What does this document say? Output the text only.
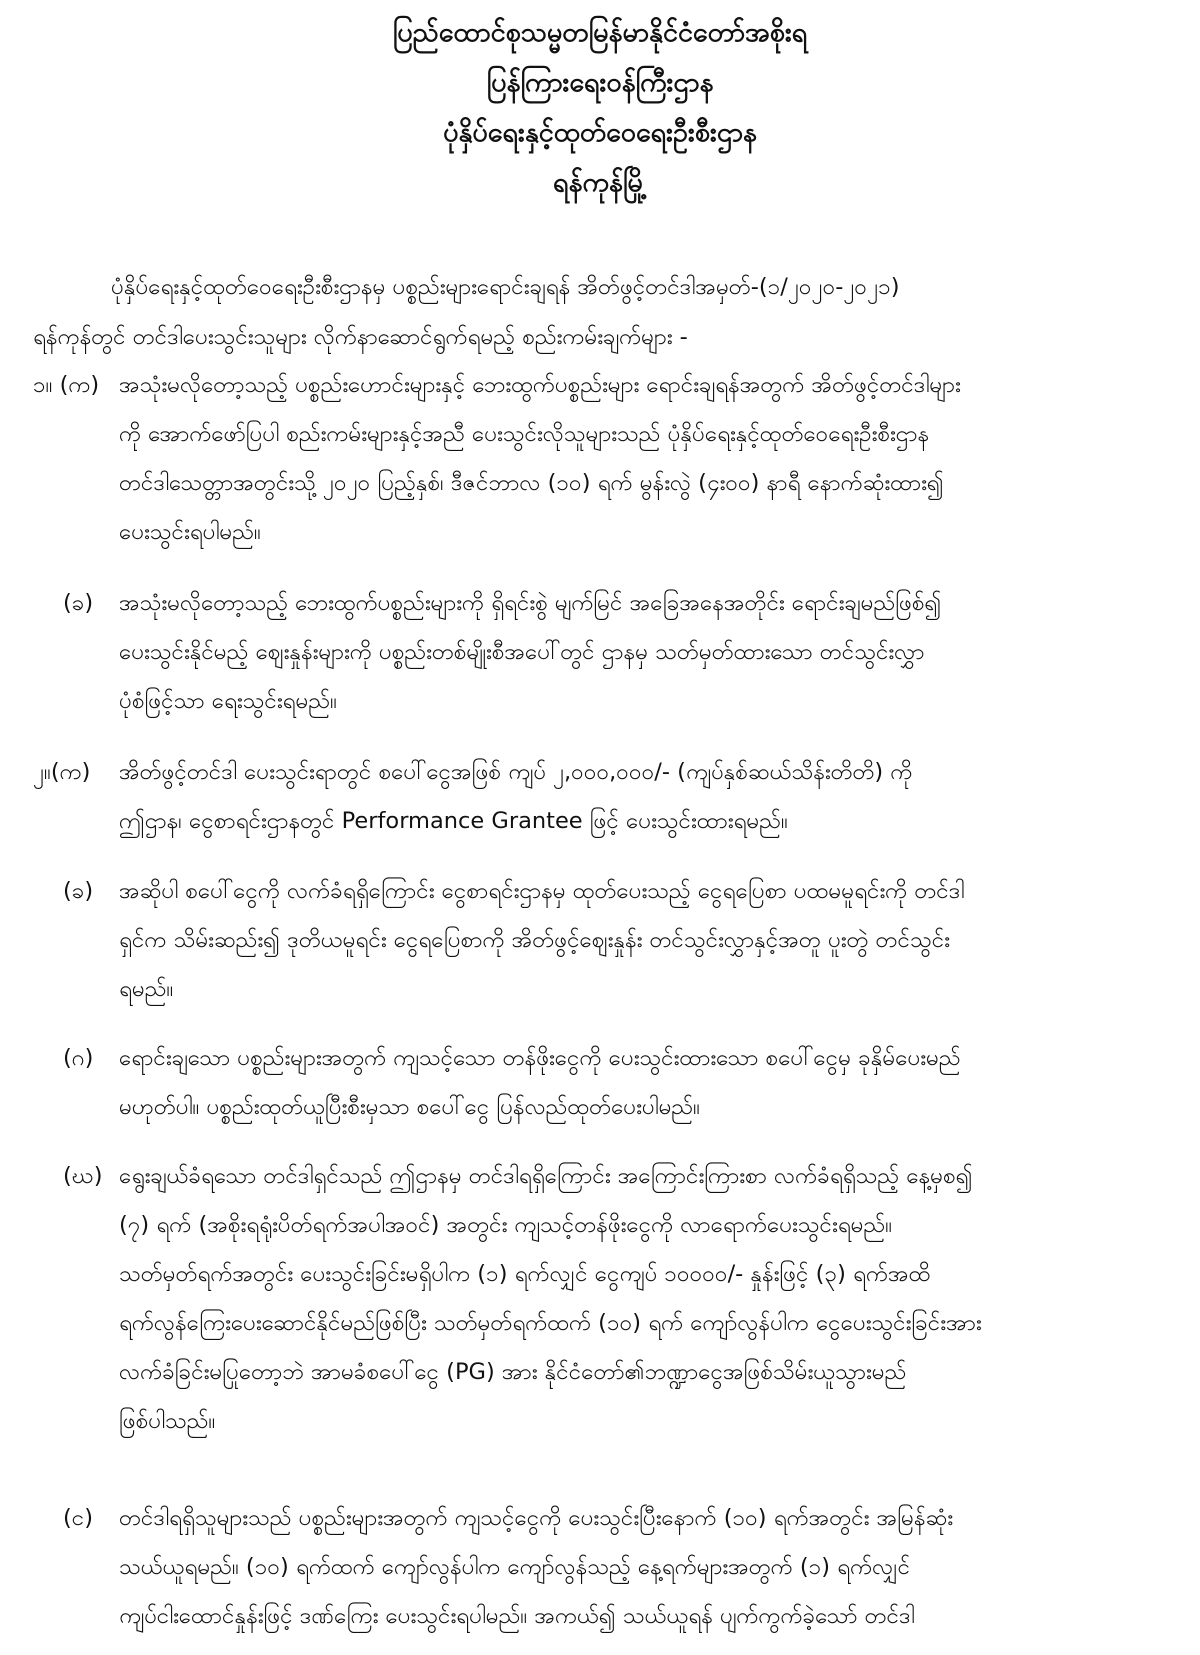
ပြည်ထောင်စုသမ္မတမြန်မာနိုင်ငံတော်အစိုးရ
ပြန်ကြားရေးဝန်ကြီးဌာန
ပုံနှိပ်ရေးနှင့်ထုတ်ဝေရေးဦးစီးဌာန
ရန်ကုန်မြို့
ပုံနှိပ်ရေးနှင့်ထုတ်ဝေရေးဦးစီးဌာနမှ ပစ္စည်းများရောင်းချရန် အိတ်ဖွင့်တင်ဒါအမှတ်-(၁/၂၀၂၀-၂၀၂၁)
ရန်ကုန်တွင် တင်ဒါပေးသွင်းသူများ လိုက်နာဆောင်ရွက်ရမည့် စည်းကမ်းချက်များ -
၁။ (က) အသုံးမလိုတော့သည့် ပစ္စည်းဟောင်းများနှင့် ဘေးထွက်ပစ္စည်းများ ရောင်းချရန်အတွက် အိတ်ဖွင့်တင်ဒါများ
ကို အောက်ဖော်ပြပါ စည်းကမ်းများနှင့်အညီ ပေးသွင်းလိုသူများသည် ပုံနှိပ်ရေးနှင့်ထုတ်ဝေရေးဦးစီးဌာန
တင်ဒါသေတ္တာအတွင်းသို့ ၂၀၂၀ ပြည့်နှစ်၊ ဒီဇင်ဘာလ (၁၀) ရက် မွန်းလွဲ (၄း၀၀) နာရီ နောက်ဆုံးထား၍
ပေးသွင်းရပါမည်။
(ခ) အသုံးမလိုတော့သည့် ဘေးထွက်ပစ္စည်းများကို ရှိရင်းစွဲ မျက်မြင် အခြေအနေအတိုင်း ရောင်းချမည်ဖြစ်၍
ပေးသွင်းနိုင်မည့် ဈေးနှုန်းများကို ပစ္စည်းတစ်မျိုးစီအပေါ်တွင် ဌာနမှ သတ်မှတ်ထားသော တင်သွင်းလွှာ
ပုံစံဖြင့်သာ ရေးသွင်းရမည်။
၂။(က) အိတ်ဖွင့်တင်ဒါ ပေးသွင်းရာတွင် စပေါ်ငွေအဖြစ် ကျပ် ၂,၀၀၀,၀၀၀/- (ကျပ်နှစ်ဆယ်သိန်းတိတိ) ကို
ဤဌာန၊ ငွေစာရင်းဌာနတွင် Performance Grantee ဖြင့် ပေးသွင်းထားရမည်။
(ခ) အဆိုပါ စပေါ်ငွေကို လက်ခံရရှိကြောင်း ငွေစာရင်းဌာနမှ ထုတ်ပေးသည့် ငွေရပြေစာ ပထမမူရင်းကို တင်ဒါ
ရှင်က သိမ်းဆည်း၍ ဒုတိယမူရင်း ငွေရပြေစာကို အိတ်ဖွင့်ဈေးနှုန်း တင်သွင်းလွှာနှင့်အတူ ပူးတွဲ တင်သွင်း
ရမည်။
(ဂ) ရောင်းချသော ပစ္စည်းများအတွက် ကျသင့်သော တန်ဖိုးငွေကို ပေးသွင်းထားသော စပေါ်ငွေမှ ခုနှိမ်ပေးမည်
မဟုတ်ပါ။ ပစ္စည်းထုတ်ယူပြီးစီးမှသာ စပေါ်ငွေ ပြန်လည်ထုတ်ပေးပါမည်။
(ဃ) ရွေးချယ်ခံရသော တင်ဒါရှင်သည် ဤဌာနမှ တင်ဒါရရှိကြောင်း အကြောင်းကြားစာ လက်ခံရရှိသည့် နေ့မှစ၍
(၇) ရက် (အစိုးရရုံးပိတ်ရက်အပါအဝင်) အတွင်း ကျသင့်တန်ဖိုးငွေကို လာရောက်ပေးသွင်းရမည်။
သတ်မှတ်ရက်အတွင်း ပေးသွင်းခြင်းမရှိပါက (၁) ရက်လျှင် ငွေကျပ် ၁၀၀၀၀/- နှုန်းဖြင့် (၃) ရက်အထိ
ရက်လွန်ကြေးပေးဆောင်နိုင်မည်ဖြစ်ပြီး သတ်မှတ်ရက်ထက် (၁၀) ရက် ကျော်လွန်ပါက ငွေပေးသွင်းခြင်းအား
လက်ခံခြင်းမပြုတော့ဘဲ အာမခံစပေါ်ငွေ (PG) အား နိုင်ငံတော်၏ဘဏ္ဍာငွေအဖြစ်သိမ်းယူသွားမည်
ဖြစ်ပါသည်။
(င) တင်ဒါရရှိသူများသည် ပစ္စည်းများအတွက် ကျသင့်ငွေကို ပေးသွင်းပြီးနောက် (၁၀) ရက်အတွင်း အမြန်ဆုံး
သယ်ယူရမည်။ (၁၀) ရက်ထက် ကျော်လွန်ပါက ကျော်လွန်သည့် နေ့ရက်များအတွက် (၁) ရက်လျှင်
ကျပ်ငါးထောင်နှုန်းဖြင့် ဒဏ်ကြေး ပေးသွင်းရပါမည်။ အကယ်၍ သယ်ယူရန် ပျက်ကွက်ခဲ့သော် တင်ဒါ
